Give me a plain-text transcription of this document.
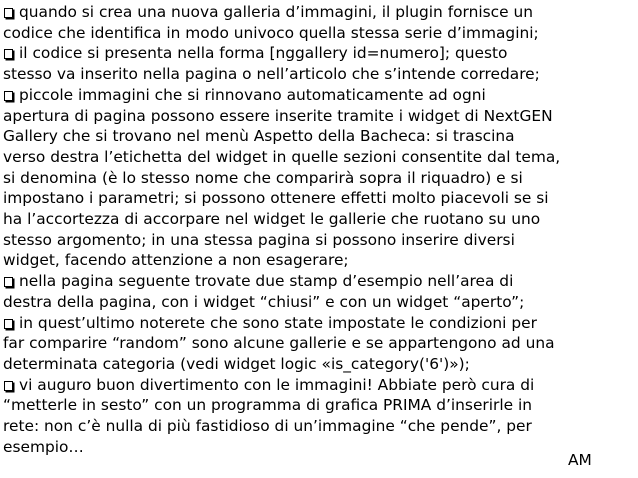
quando si crea una nuova galleria d’immagini, il plugin fornisce un
codice che identifica in modo univoco quella stessa serie d’immagini;
il codice si presenta nella forma [nggallery id=numero]; questo
stesso va inserito nella pagina o nell’articolo che s’intende corredare;
piccole immagini che si rinnovano automaticamente ad ogni
apertura di pagina possono essere inserite tramite i widget di NextGEN
Gallery che si trovano nel menù Aspetto della Bacheca: si trascina
verso destra l’etichetta del widget in quelle sezioni consentite dal tema,
si denomina (è lo stesso nome che comparirà sopra il riquadro) e si
impostano i parametri; si possono ottenere effetti molto piacevoli se si
ha l’accortezza di accorpare nel widget le gallerie che ruotano su uno
stesso argomento; in una stessa pagina si possono inserire diversi
widget, facendo attenzione a non esagerare;
nella pagina seguente trovate due stamp d’esempio nell’area di
destra della pagina, con i widget “chiusi” e con un widget “aperto”;
in quest’ultimo noterete che sono state impostate le condizioni per
far comparire “random” sono alcune gallerie e se appartengono ad una
determinata categoria (vedi widget logic «is_category('6')»);
vi auguro buon divertimento con le immagini! Abbiate però cura di
“metterle in sesto” con un programma di grafica PRIMA d’inserirle in
rete: non c’è nulla di più fastidioso di un’immagine “che pende”, per
esempio…
AM
